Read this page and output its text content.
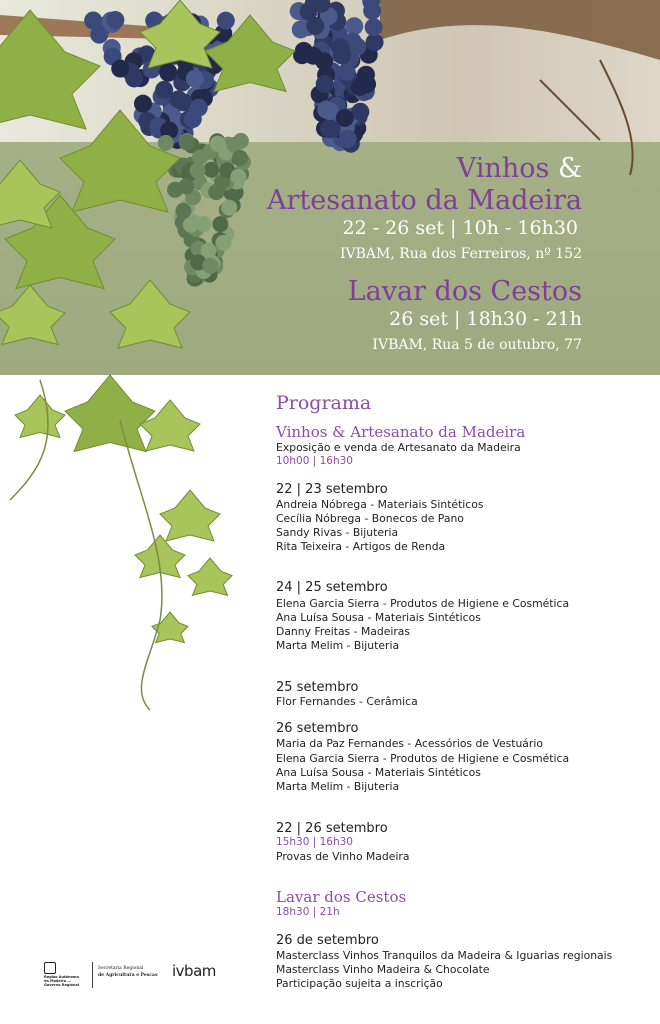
Vinhos &
Artesanato da Madeira
22 - 26 set | 10h - 16h30
IVBAM, Rua dos Ferreiros, nº 152
Lavar dos Cestos
26 set | 18h30 - 21h
IVBAM, Rua 5 de outubro, 77
Programa
Vinhos & Artesanato da Madeira
Exposição e venda de Artesanato da Madeira
10h00 | 16h30
22 | 23 setembro
Andreia Nóbrega - Materiais Sintéticos
Cecília Nóbrega - Bonecos de Pano
Sandy Rivas - Bijuteria
Rita Teixeira - Artigos de Renda
24 | 25 setembro
Elena Garcia Sierra - Produtos de Higiene e Cosmética
Ana Luísa Sousa - Materiais Sintéticos
Danny Freitas - Madeiras
Marta Melim - Bijuteria
25 setembro
Flor Fernandes - Cerâmica
26 setembro
Maria da Paz Fernandes - Acessórios de Vestuário
Elena Garcia Sierra - Produtos de Higiene e Cosmética
Ana Luísa Sousa - Materiais Sintéticos
Marta Melim - Bijuteria
22 | 26 setembro
15h30 | 16h30
Provas de Vinho Madeira
Lavar dos Cestos
18h30 | 21h
26 de setembro
Masterclass Vinhos Tranquilos da Madeira & Iguarias regionais
Masterclass Vinho Madeira & Chocolate
Participação sujeita a inscrição
Região Autónoma da Madeira — Governo Regional
Secretaria Regional
de Agricultura e Pescas ivbam
